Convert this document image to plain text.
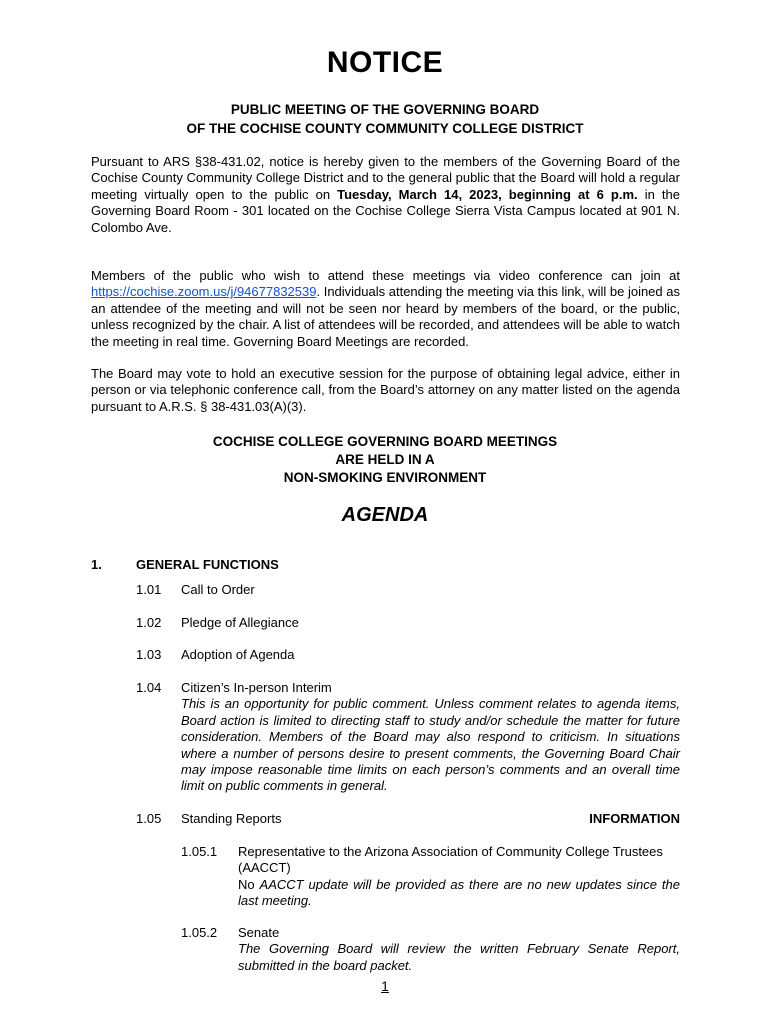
NOTICE
PUBLIC MEETING OF THE GOVERNING BOARD
OF THE COCHISE COUNTY COMMUNITY COLLEGE DISTRICT
Pursuant to ARS §38-431.02, notice is hereby given to the members of the Governing Board of the Cochise County Community College District and to the general public that the Board will hold a regular meeting virtually open to the public on Tuesday, March 14, 2023, beginning at 6 p.m. in the Governing Board Room - 301 located on the Cochise College Sierra Vista Campus located at 901 N. Colombo Ave.
Members of the public who wish to attend these meetings via video conference can join at https://cochise.zoom.us/j/94677832539. Individuals attending the meeting via this link, will be joined as an attendee of the meeting and will not be seen nor heard by members of the board, or the public, unless recognized by the chair. A list of attendees will be recorded, and attendees will be able to watch the meeting in real time. Governing Board Meetings are recorded.
The Board may vote to hold an executive session for the purpose of obtaining legal advice, either in person or via telephonic conference call, from the Board’s attorney on any matter listed on the agenda pursuant to A.R.S. § 38-431.03(A)(3).
COCHISE COLLEGE GOVERNING BOARD MEETINGS
ARE HELD IN A
NON-SMOKING ENVIRONMENT
AGENDA
1.	GENERAL FUNCTIONS
1.01 Call to Order
1.02 Pledge of Allegiance
1.03 Adoption of Agenda
1.04 Citizen’s In-person Interim
This is an opportunity for public comment. Unless comment relates to agenda items, Board action is limited to directing staff to study and/or schedule the matter for future consideration. Members of the Board may also respond to criticism. In situations where a number of persons desire to present comments, the Governing Board Chair may impose reasonable time limits on each person’s comments and an overall time limit on public comments in general.
1.05 Standing Reports	INFORMATION
1.05.1 Representative to the Arizona Association of Community College Trustees (AACCT)
No AACCT update will be provided as there are no new updates since the last meeting.
1.05.2 Senate
The Governing Board will review the written February Senate Report, submitted in the board packet.
1
